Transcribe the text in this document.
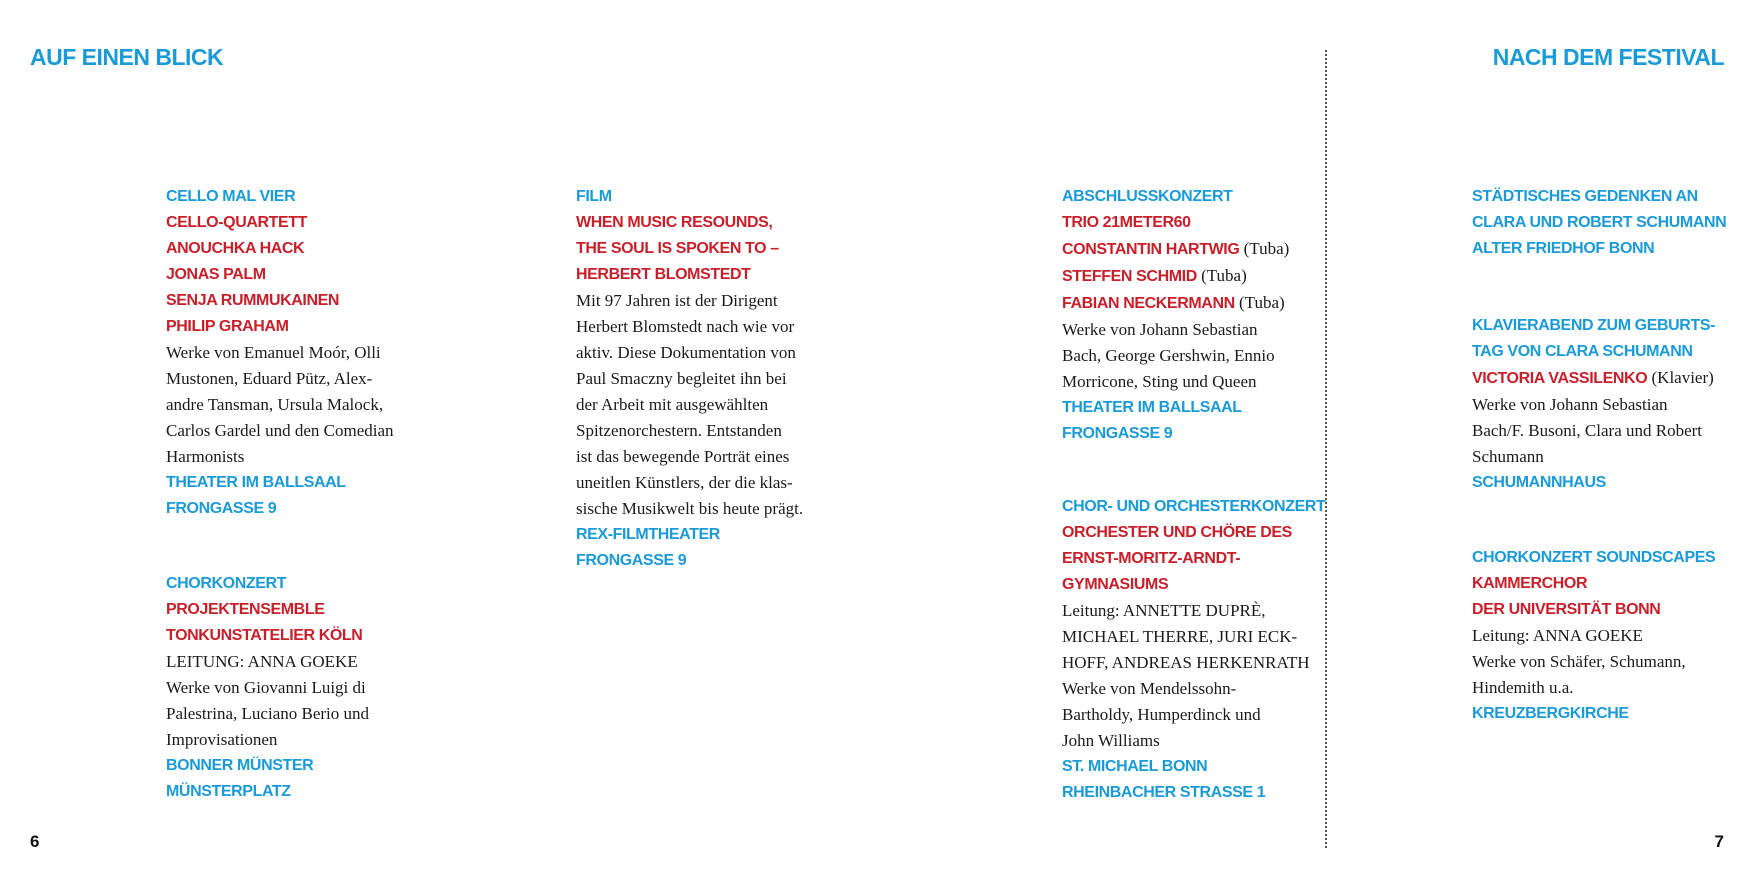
AUF EINEN BLICK	NACH DEM FESTIVAL
6	7
CELLO MAL VIER
CELLO-QUARTETT
ANOUCHKA HACK
JONAS PALM
SENJA RUMMUKAINEN
PHILIP GRAHAM
Werke von Emanuel Moór, Olli
Mustonen, Eduard Pütz, Alex-
andre Tansman, Ursula Malock,
Carlos Gardel und den Comedian
Harmonists
THEATER IM BALLSAAL
FRONGASSE 9
CHORKONZERT
PROJEKTENSEMBLE
TONKUNSTATELIER KÖLN
LEITUNG: ANNA GOEKE
Werke von Giovanni Luigi di
Palestrina, Luciano Berio und
Improvisationen
BONNER MÜNSTER
MÜNSTERPLATZ
FILM
WHEN MUSIC RESOUNDS,
THE SOUL IS SPOKEN TO –
HERBERT BLOMSTEDT
Mit 97 Jahren ist der Dirigent
Herbert Blomstedt nach wie vor
aktiv. Diese Dokumentation von
Paul Smaczny begleitet ihn bei
der Arbeit mit ausgewählten
Spitzenorchestern. Entstanden
ist das bewegende Porträt eines
uneitlen Künstlers, der die klas-
sische Musikwelt bis heute prägt.
REX-FILMTHEATER
FRONGASSE 9
ABSCHLUSSKONZERT
TRIO 21METER60
CONSTANTIN HARTWIG (Tuba)
STEFFEN SCHMID (Tuba)
FABIAN NECKERMANN (Tuba)
Werke von Johann Sebastian
Bach, George Gershwin, Ennio
Morricone, Sting und Queen
THEATER IM BALLSAAL
FRONGASSE 9
CHOR- UND ORCHESTERKONZERT
ORCHESTER UND CHÖRE DES
ERNST-MORITZ-ARNDT-
GYMNASIUMS
Leitung: ANNETTE DUPRÈ,
MICHAEL THERRE, JURI ECK-
HOFF, ANDREAS HERKENRATH
Werke von Mendelssohn-
Bartholdy, Humperdinck und
John Williams
ST. MICHAEL BONN
RHEINBACHER STRASSE 1
STÄDTISCHES GEDENKEN AN
CLARA UND ROBERT SCHUMANN
ALTER FRIEDHOF BONN
KLAVIERABEND ZUM GEBURTS-
TAG VON CLARA SCHUMANN
VICTORIA VASSILENKO (Klavier)
Werke von Johann Sebastian
Bach/F. Busoni, Clara und Robert
Schumann
SCHUMANNHAUS
CHORKONZERT SOUNDSCAPES
KAMMERCHOR
DER UNIVERSITÄT BONN
Leitung: ANNA GOEKE
Werke von Schäfer, Schumann,
Hindemith u.a.
KREUZBERGKIRCHE
